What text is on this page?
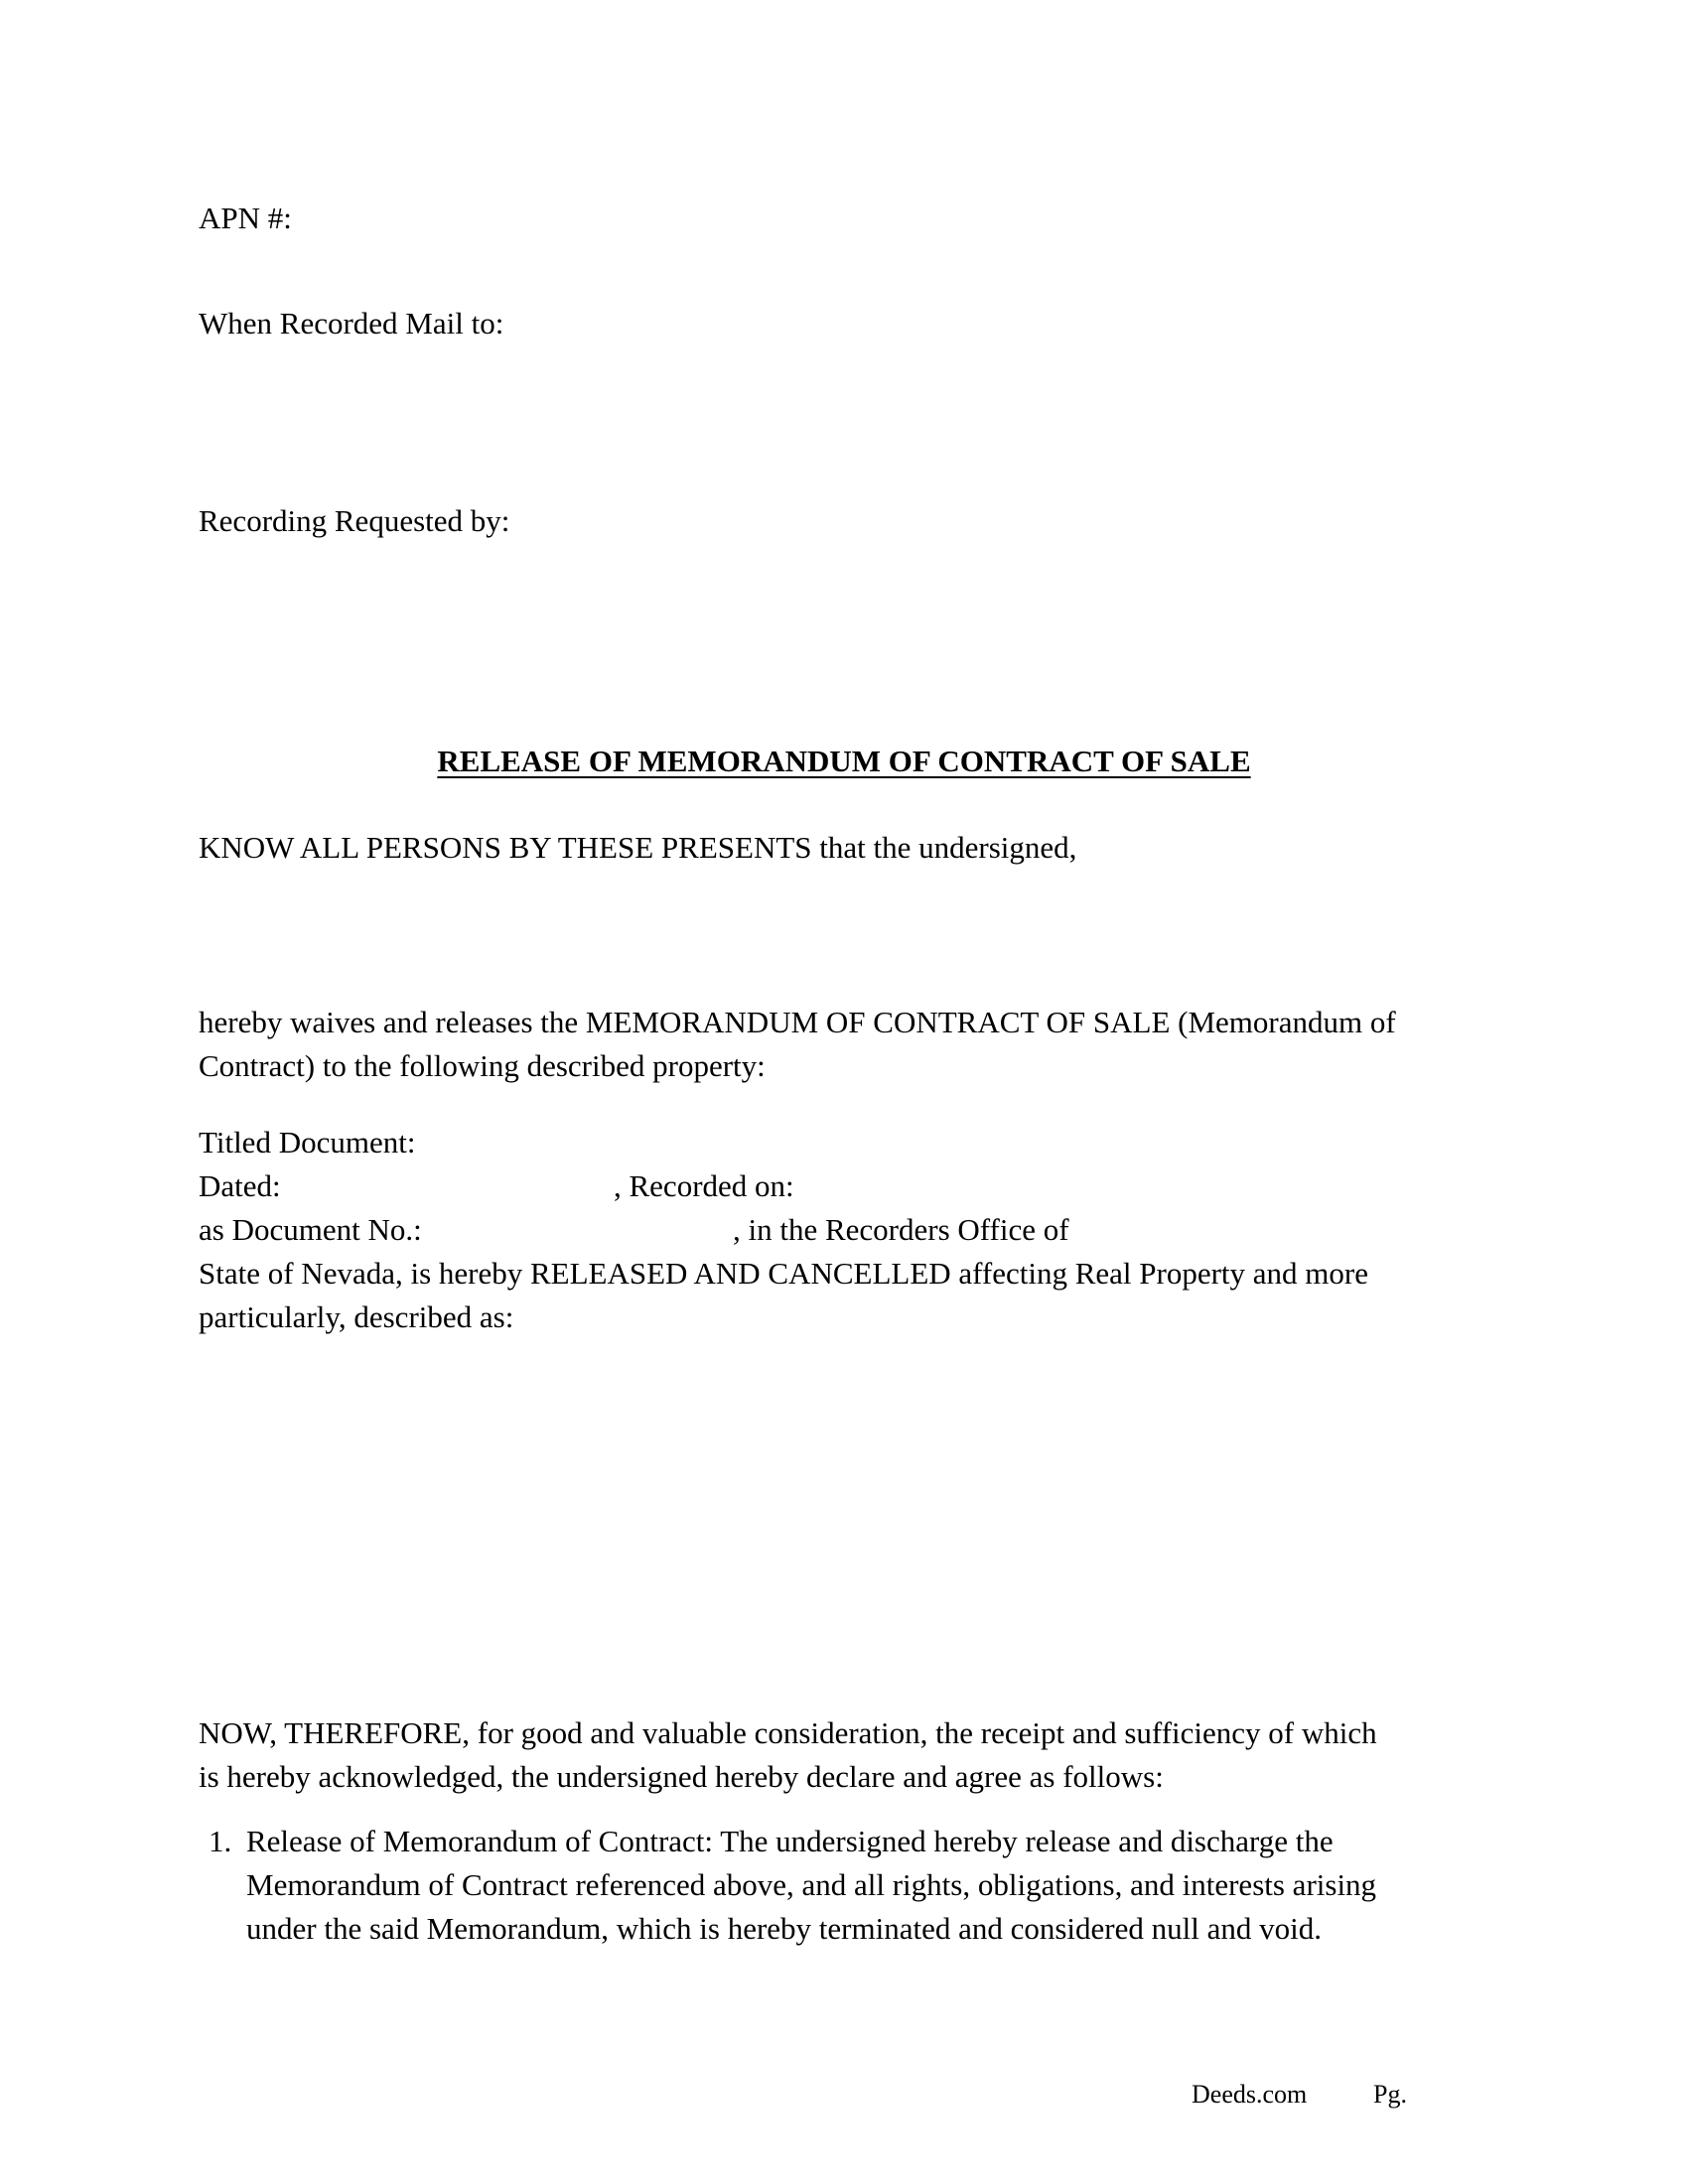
APN #:
When Recorded Mail to:
Recording Requested by:
RELEASE OF MEMORANDUM OF CONTRACT OF SALE
KNOW ALL PERSONS BY THESE PRESENTS that the undersigned,
hereby waives and releases the MEMORANDUM OF CONTRACT OF SALE (Memorandum of
Contract) to the following described property:
Titled Document:
Dated:	, Recorded on:
as Document No.:	, in the Recorders Office of
State of Nevada, is hereby RELEASED AND CANCELLED affecting Real Property and more
particularly, described as:
NOW, THEREFORE, for good and valuable consideration, the receipt and sufficiency of which
is hereby acknowledged, the undersigned hereby declare and agree as follows:
1. Release of Memorandum of Contract: The undersigned hereby release and discharge the
Memorandum of Contract referenced above, and all rights, obligations, and interests arising
under the said Memorandum, which is hereby terminated and considered null and void.
Deeds.com	Pg.
